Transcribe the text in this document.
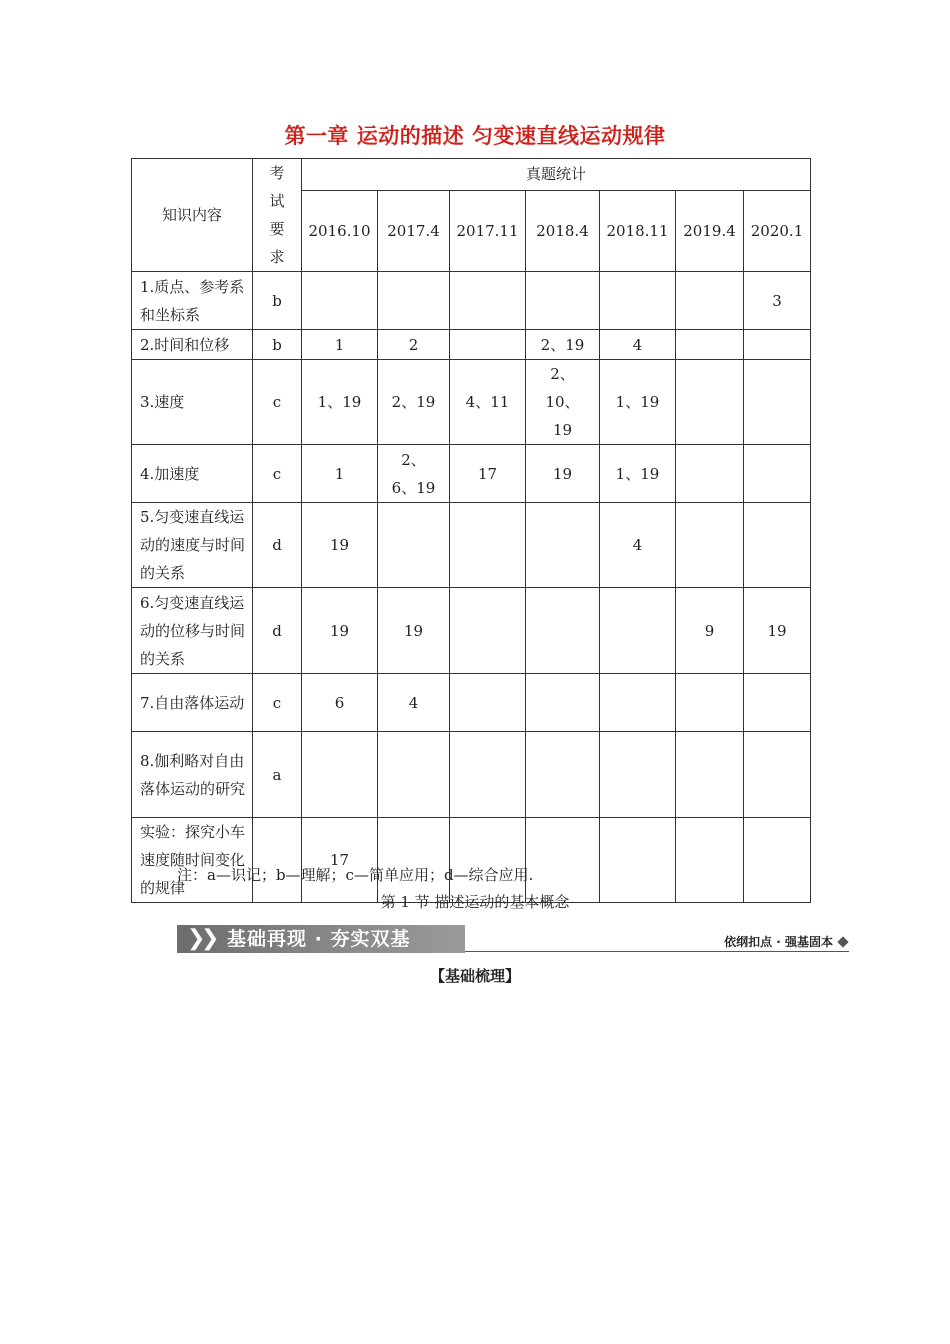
第一章 运动的描述 匀变速直线运动规律
知识内容	考
试
要
求	真题统计						
		2016.10	2017.4	2017.11	2018.4	2018.11	2019.4	2020.1
1.质点、参考系和坐标系	b							3
2.时间和位移	b	1	2		2、19	4		
3.速度	c	1、19	2、19	4、11	2、10、19	1、19		
4.加速度	c	1	2、6、19	17	19	1、19		
5.匀变速直线运动的速度与时间的关系	d	19				4		
6.匀变速直线运动的位移与时间的关系	d	19	19				9	19
7.自由落体运动	c	6	4					
8.伽利略对自由落体运动的研究	a							
实验：探究小车速度随时间变化的规律		17						
注：a—识记；b—理解；c—简单应用；d—综合应用.
第 1 节 描述运动的基本概念
❯
❯ 基础再现 · 夯实双基	依纲扣点 · 强基固本
【基础梳理】
